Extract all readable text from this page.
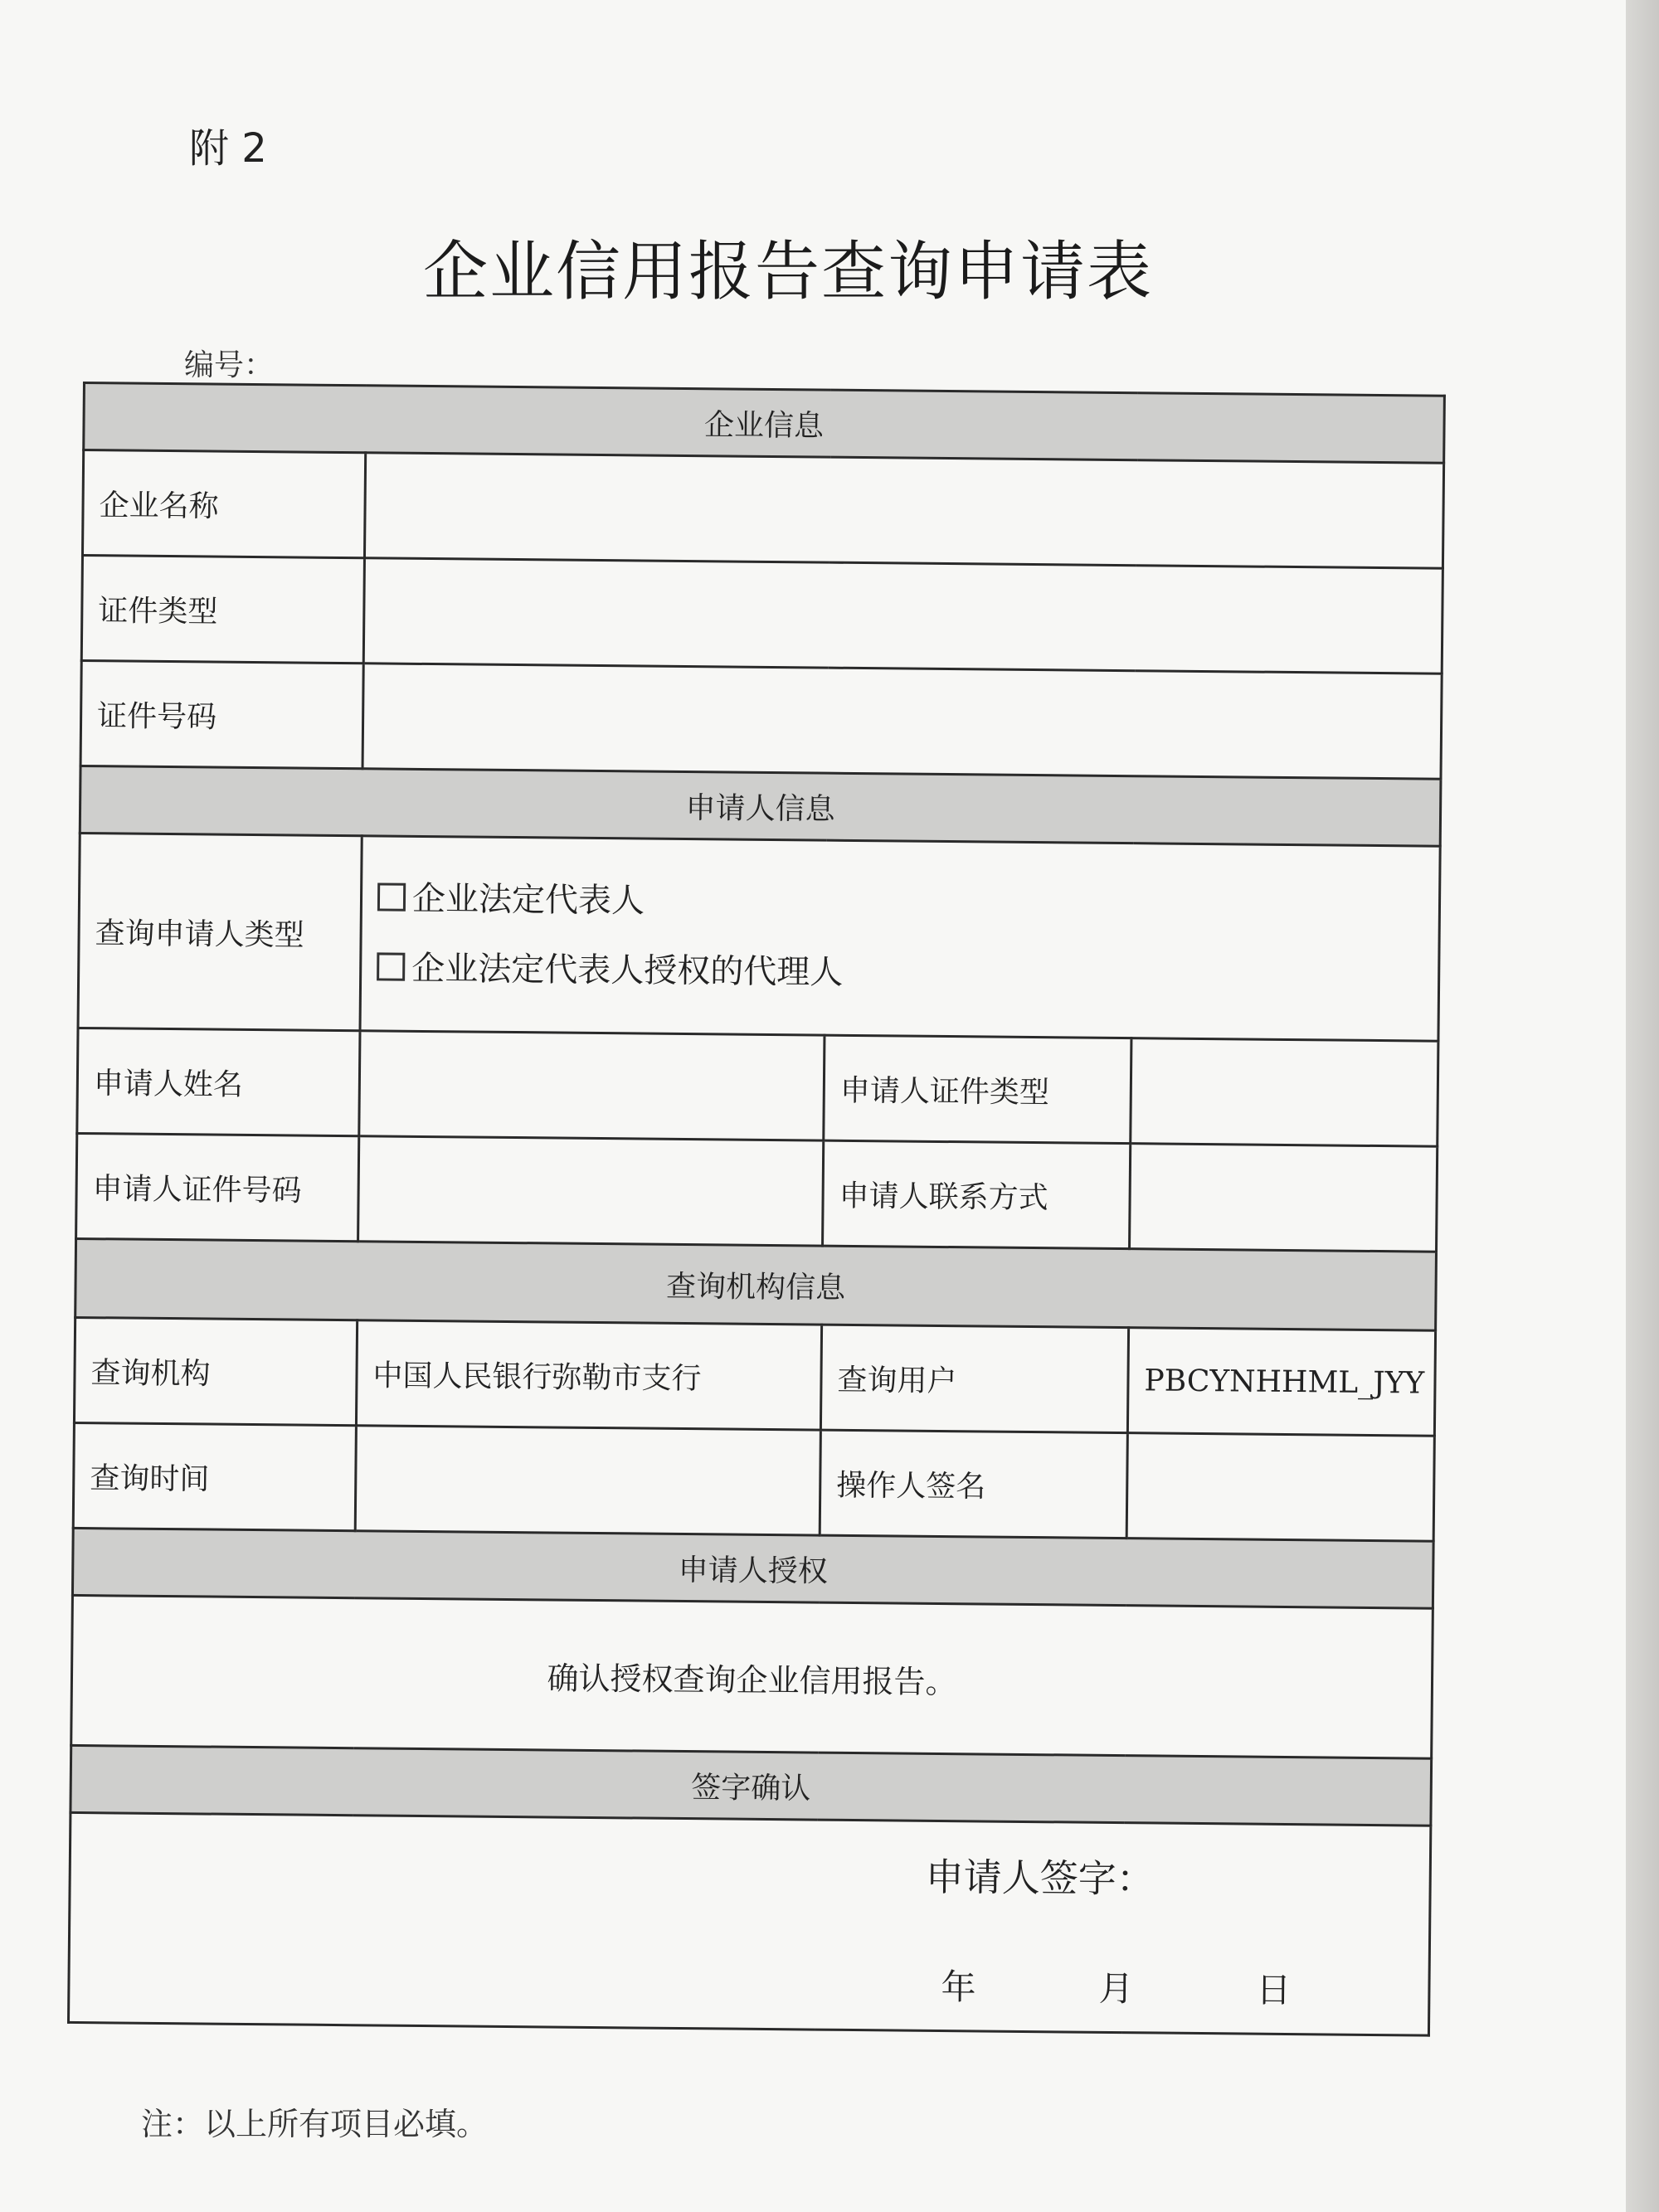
附 2
企业信用报告查询申请表
编号：
企业信息			
企业名称			
证件类型			
证件号码			
申请人信息			
查询申请人类型	企业法定代表人
企业法定代表人授权的代理人		

申请人姓名		申请人证件类型	
申请人证件号码		申请人联系方式	
查询机构信息			
查询机构	中国人民银行弥勒市支行	查询用户	PBCYNHHML_JYY
查询时间		操作人签名	
申请人授权			
确认授权查询企业信用报告。			
签字确认			

申请人签字：
年 月 日			
注：以上所有项目必填。
